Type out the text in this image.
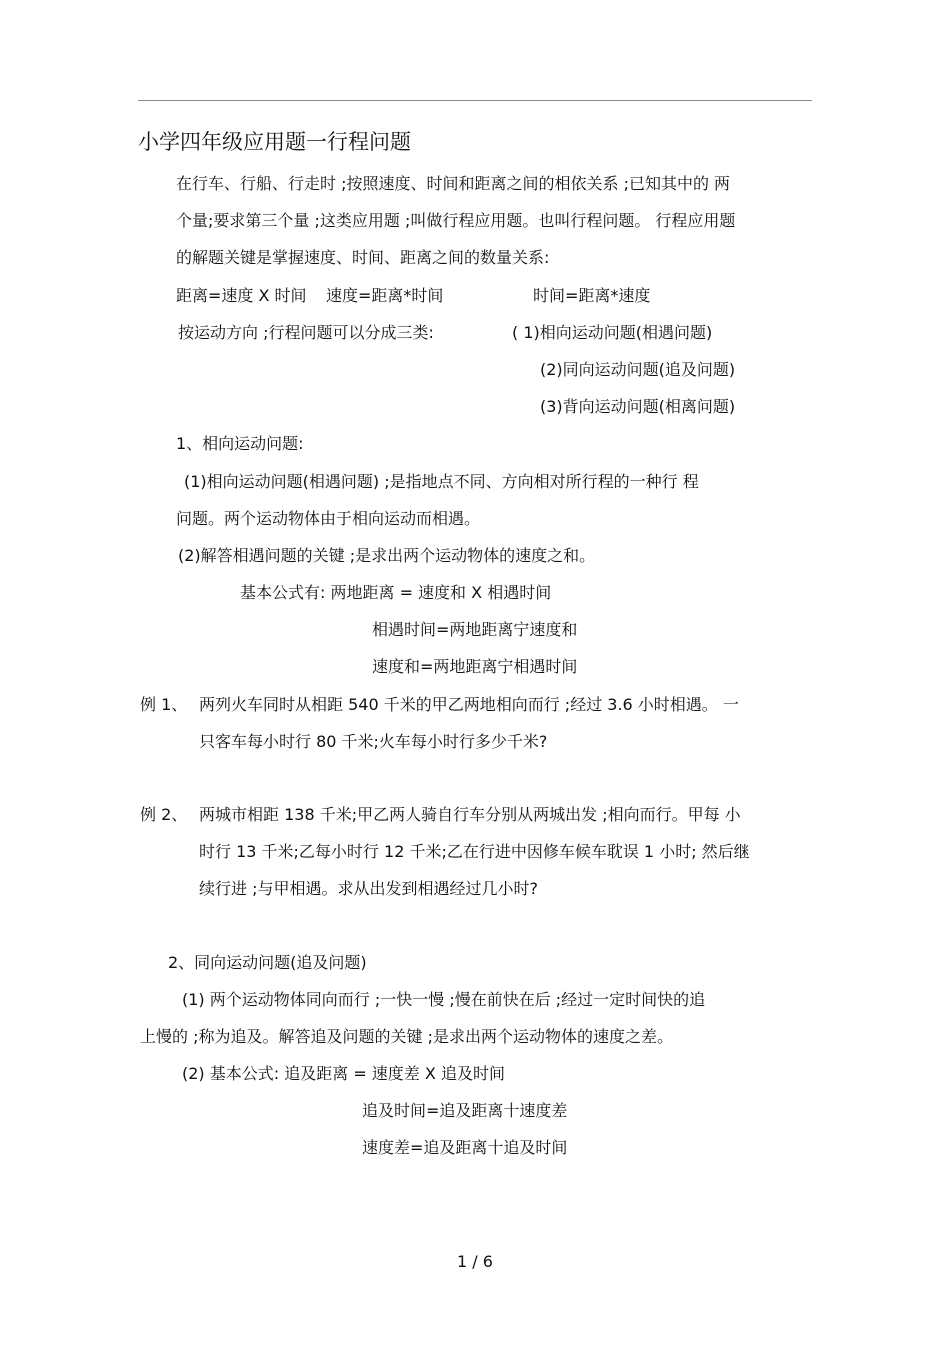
小学四年级应用题一行程问题
在行车、行船、行走时 ;按照速度、时间和距离之间的相依关系 ;已知其中的 两
个量;要求第三个量 ;这类应用题 ;叫做行程应用题。也叫行程问题。 行程应用题
的解题关键是掌握速度、时间、距离之间的数量关系:
距离=速度 X 时间 速度=距离*时间	时间=距离*速度
按运动方向 ;行程问题可以分成三类:	( 1)相向运动问题(相遇问题)
(2)同向运动问题(追及问题)
(3)背向运动问题(相离问题)
1、相向运动问题:
(1)相向运动问题(相遇问题) ;是指地点不同、方向相对所行程的一种行 程
问题。两个运动物体由于相向运动而相遇。
(2)解答相遇问题的关键 ;是求出两个运动物体的速度之和。
基本公式有: 两地距离 = 速度和 X 相遇时间
相遇时间=两地距离宁速度和
速度和=两地距离宁相遇时间
例 1、 两列火车同时从相距 540 千米的甲乙两地相向而行 ;经过 3.6 小时相遇。 一
只客车每小时行 80 千米;火车每小时行多少千米?
例 2、 两城市相距 138 千米;甲乙两人骑自行车分别从两城出发 ;相向而行。甲每 小
时行 13 千米;乙每小时行 12 千米;乙在行进中因修车候车耽误 1 小时; 然后继
续行进 ;与甲相遇。求从出发到相遇经过几小时?
2、同向运动问题(追及问题)
(1) 两个运动物体同向而行 ;一快一慢 ;慢在前快在后 ;经过一定时间快的追
上慢的 ;称为追及。解答追及问题的关键 ;是求出两个运动物体的速度之差。
(2) 基本公式: 追及距离 = 速度差 X 追及时间
追及时间=追及距离十速度差
速度差=追及距离十追及时间
1 / 6
